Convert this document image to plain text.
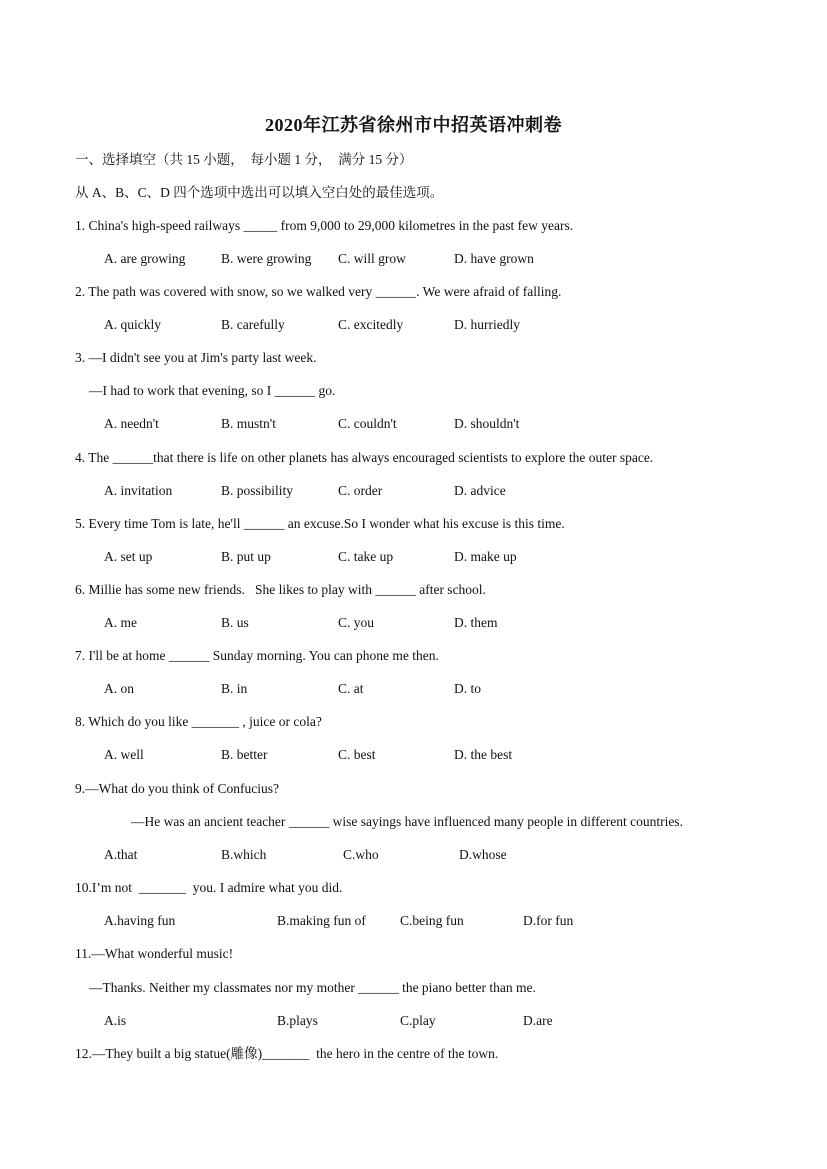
2020年江苏省徐州市中招英语冲刺卷
一、选择填空（共 15 小题，  每小题 1 分，  满分 15 分）
从 A、B、C、D 四个选项中选出可以填入空白处的最佳选项。
1. China's high-speed railways _____ from 9,000 to 29,000 kilometres in the past few years.
A. are growing	B. were growing C. will grow	D. have grown
2. The path was covered with snow, so we walked very ______. We were afraid of falling.
A. quickly	B. carefully	C. excitedly	D. hurriedly
3. —I didn't see you at Jim's party last week.
—I had to work that evening, so I ______ go.
A. needn't	B. mustn't	C. couldn't	D. shouldn't
4. The ______that there is life on other planets has always encouraged scientists to explore the outer space.
A. invitation	B. possibility	C. order	D. advice
5. Every time Tom is late, he'll ______ an excuse.So I wonder what his excuse is this time.
A. set up	B. put up	C. take up	D. make up
6. Millie has some new friends.   She likes to play with ______ after school.
A. me	B. us	C. you	D. them
7. I'll be at home ______ Sunday morning. You can phone me then.
A. on	B. in	C. at	D. to
8. Which do you like _______ , juice or cola?
A. well	B. better	C. best	D. the best
9.—What do you think of Confucius?
—He was an ancient teacher ______ wise sayings have influenced many people in different countries.
A.that	B.which	C.who	D.whose
10.I’m not  _______  you. I admire what you did.
A.having fun	B.making fun of	C.being fun	D.for fun
11.—What wonderful music!
—Thanks. Neither my classmates nor my mother ______ the piano better than me.
A.is	B.plays	C.play	D.are
12.—They built a big statue(雕像)_______  the hero in the centre of the town.
